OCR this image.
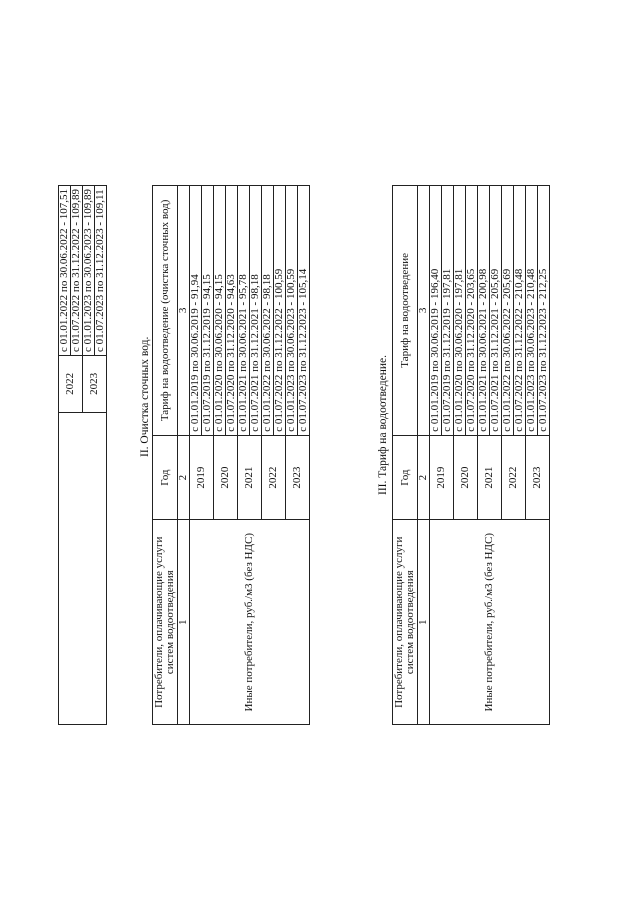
	2022	с 01.01.2022 по 30.06.2022 - 107,51
		с 01.07.2022 по 31.12.2022 - 109,89
	2023	с 01.01.2023 по 30.06.2023 - 109,89
		с 01.07.2023 по 31.12.2023 - 109,11
II. Очистка сточных вод.
Потребители, оплачивающие услуги систем водоотведения	Год	Тариф на водоотведение (очистка сточных вод)
1	2	3
Иные потребители, руб./м3 (без НДС)	2019	с 01.01.2019 по 30.06.2019 - 91,94
		с 01.07.2019 по 31.12.2019 - 94,15
	2020	с 01.01.2020 по 30.06.2020 - 94,15
		с 01.07.2020 по 31.12.2020 - 94,63
	2021	с 01.01.2021 по 30.06.2021 - 95,78
		с 01.07.2021 по 31.12.2021 - 98,18
	2022	с 01.01.2022 по 30.06.2022 - 98,18
		с 01.07.2022 по 31.12.2022 - 100,59
	2023	с 01.01.2023 по 30.06.2023 - 100,59
		с 01.07.2023 по 31.12.2023 - 105,14	III. Тариф на водоотведение.
Потребители, оплачивающие услуги систем водоотведения	Год	Тариф на водоотведение
1	2	3
Иные потребители, руб./м3 (без НДС)	2019	с 01.01.2019 по 30.06.2019 - 196,40
		с 01.07.2019 по 31.12.2019 - 197,81
	2020	с 01.01.2020 по 30.06.2020 - 197,81
		с 01.07.2020 по 31.12.2020 - 203,65
	2021	с 01.01.2021 по 30.06.2021 - 200,98
		с 01.07.2021 по 31.12.2021 - 205,69
	2022	с 01.01.2022 по 30.06.2022 - 205,69
		с 01.07.2022 по 31.12.2022 - 210,48
	2023	с 01.01.2023 по 30.06.2023 - 210,48
		с 01.07.2023 по 31.12.2023 - 212,25
